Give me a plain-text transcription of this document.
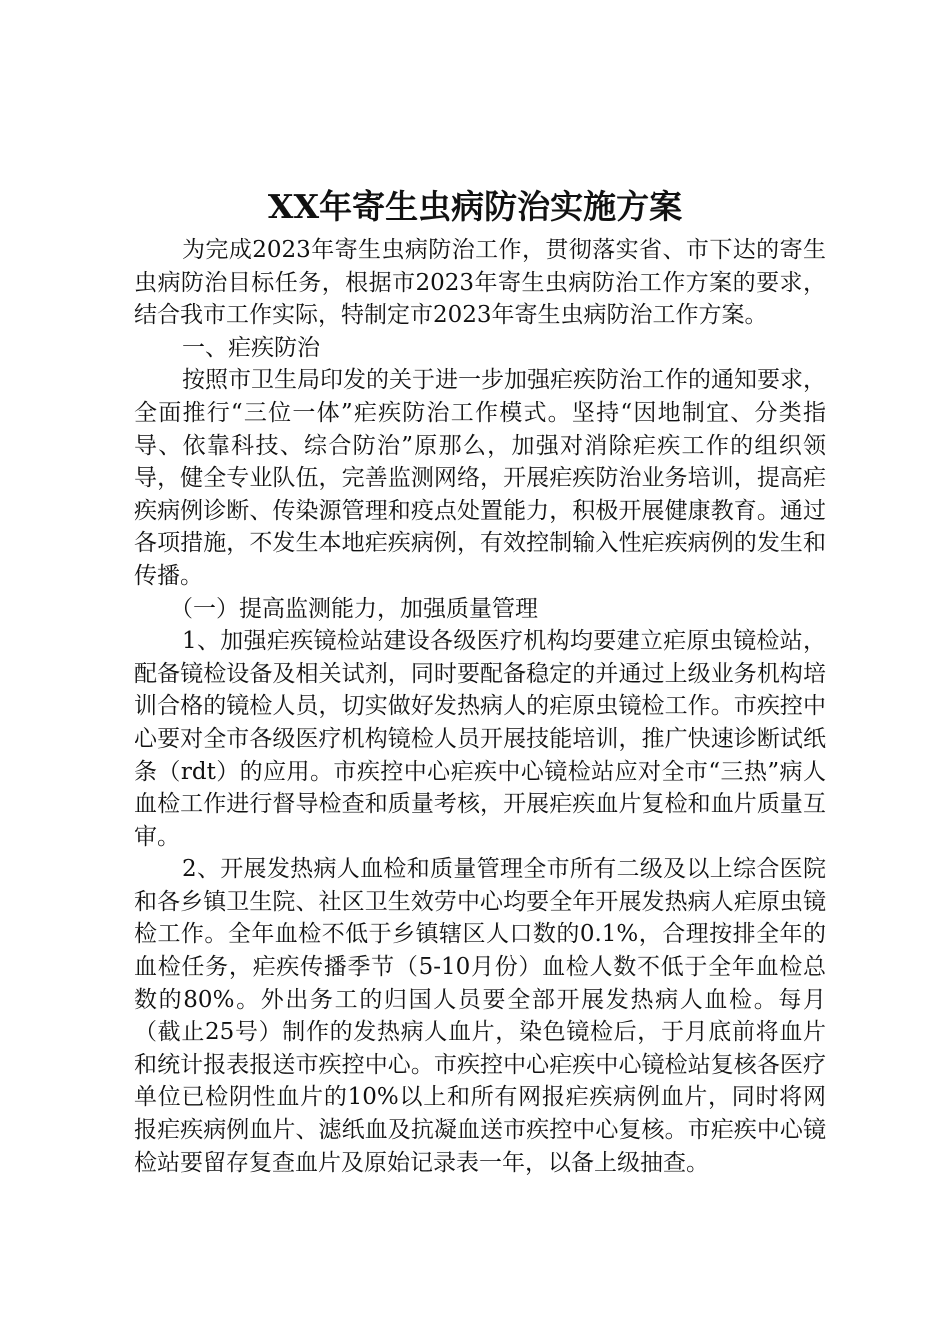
XX年寄生虫病防治实施方案

为完成2023年寄生虫病防治工作，贯彻落实省、市下达的寄生虫病防治目标任务，根据市2023年寄生虫病防治工作方案的要求，结合我市工作实际，特制定市2023年寄生虫病防治工作方案。

一、疟疾防治

按照市卫生局印发的关于进一步加强疟疾防治工作的通知要求，全面推行“三位一体”疟疾防治工作模式。坚持“因地制宜、分类指导、依靠科技、综合防治”原那么，加强对消除疟疾工作的组织领导，健全专业队伍，完善监测网络，开展疟疾防治业务培训，提高疟疾病例诊断、传染源管理和疫点处置能力，积极开展健康教育。通过各项措施，不发生本地疟疾病例，有效控制输入性疟疾病例的发生和传播。

（一）提高监测能力，加强质量管理

1、加强疟疾镜检站建设各级医疗机构均要建立疟原虫镜检站，配备镜检设备及相关试剂，同时要配备稳定的并通过上级业务机构培训合格的镜检人员，切实做好发热病人的疟原虫镜检工作。市疾控中心要对全市各级医疗机构镜检人员开展技能培训，推广快速诊断试纸条（rdt）的应用。市疾控中心疟疾中心镜检站应对全市“三热”病人血检工作进行督导检查和质量考核，开展疟疾血片复检和血片质量互审。

2、开展发热病人血检和质量管理全市所有二级及以上综合医院和各乡镇卫生院、社区卫生效劳中心均要全年开展发热病人疟原虫镜检工作。全年血检不低于乡镇辖区人口数的0.1%，合理按排全年的血检任务，疟疾传播季节（5-10月份）血检人数不低于全年血检总数的80%。外出务工的归国人员要全部开展发热病人血检。每月（截止25号）制作的发热病人血片，染色镜检后，于月底前将血片和统计报表报送市疾控中心。市疾控中心疟疾中心镜检站复核各医疗单位已检阴性血片的10%以上和所有网报疟疾病例血片，同时将网报疟疾病例血片、滤纸血及抗凝血送市疾控中心复核。市疟疾中心镜检站要留存复查血片及原始记录表一年，以备上级抽查。
